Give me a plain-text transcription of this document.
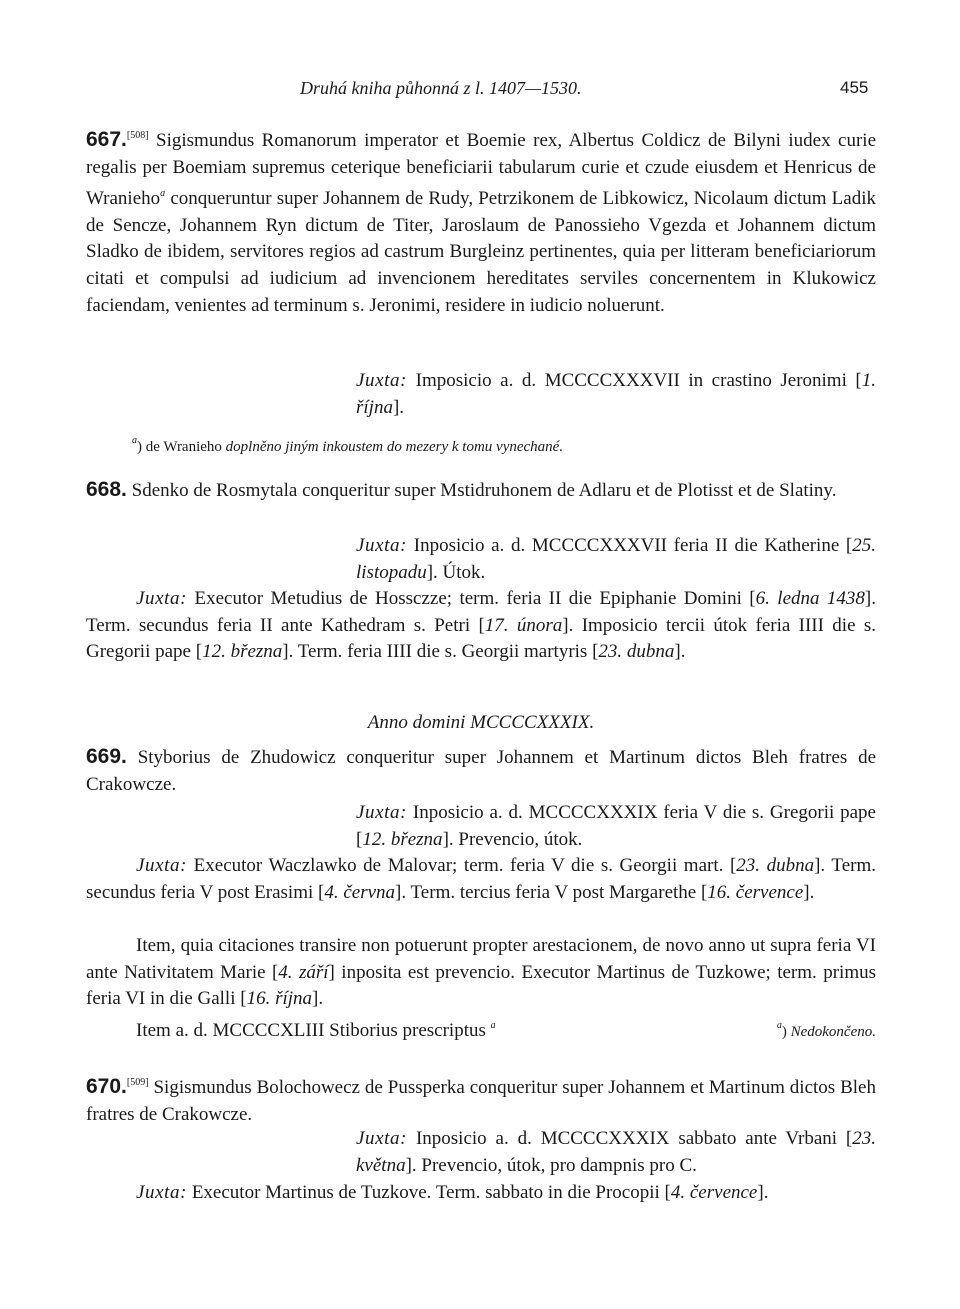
Druhá kniha půhonná z l. 1407—1530.	455
667.[508] Sigismundus Romanorum imperator et Boemie rex, Albertus Coldicz de Bilyni iudex curie regalis per Boemiam supremus ceterique beneficiarii tabularum curie et czude eiusdem et Henricus de Wranieho$^a$ conqueruntur super Johannem de Rudy, Petrzikonem de Libkowicz, Nicolaum dictum Ladik de Sencze, Johannem Ryn dictum de Titer, Jaroslaum de Panossieho Vgezda et Johannem dictum Sladko de ibidem, servitores regios ad castrum Burgleinz pertinentes, quia per litteram beneficiariorum citati et compulsi ad iudicium ad invencionem hereditates serviles concernentem in Klukowicz faciendam, venientes ad terminum s. Jeronimi, residere in iudicio noluerunt.
Juxta: Imposicio a. d. MCCCCXXXVII in crastino Jeronimi [1. října].
$^a$) de Wranieho doplněno jiným inkoustem do mezery k tomu vynechané.
668. Sdenko de Rosmytala conqueritur super Mstidruhonem de Adlaru et de Plotisst et de Slatiny.
Juxta: Inposicio a. d. MCCCCXXXVII feria II die Katherine [25. listopadu]. Útok.
Juxta: Executor Metudius de Hossczze; term. feria II die Epiphanie Domini [6. ledna 1438]. Term. secundus feria II ante Kathedram s. Petri [17. února]. Imposicio tercii útok feria IIII die s. Gregorii pape [12. března]. Term. feria IIII die s. Georgii martyris [23. dubna].
Anno domini MCCCCXXXIX.
669. Styborius de Zhudowicz conqueritur super Johannem et Martinum dictos Bleh fratres de Crakowcze.
Juxta: Inposicio a. d. MCCCCXXXIX feria V die s. Gregorii pape [12. března]. Prevencio, útok.
Juxta: Executor Waczlawko de Malovar; term. feria V die s. Georgii mart. [23. dubna]. Term. secundus feria V post Erasimi [4. června]. Term. tercius feria V post Margarethe [16. července].
Item, quia citaciones transire non potuerunt propter arestacionem, de novo anno ut supra feria VI ante Nativitatem Marie [4. září] inposita est prevencio. Executor Martinus de Tuzkowe; term. primus feria VI in die Galli [16. října].
$^a$) Nedokončeno.
Item a. d. MCCCCXLIII Stiborius prescriptus $^a$
670.[509] Sigismundus Bolochowecz de Pussperka conqueritur super Johannem et Martinum dictos Bleh fratres de Crakowcze.
Juxta: Inposicio a. d. MCCCCXXXIX sabbato ante Vrbani [23. května]. Prevencio, útok, pro dampnis pro C.
Juxta: Executor Martinus de Tuzkove. Term. sabbato in die Procopii [4. července].
